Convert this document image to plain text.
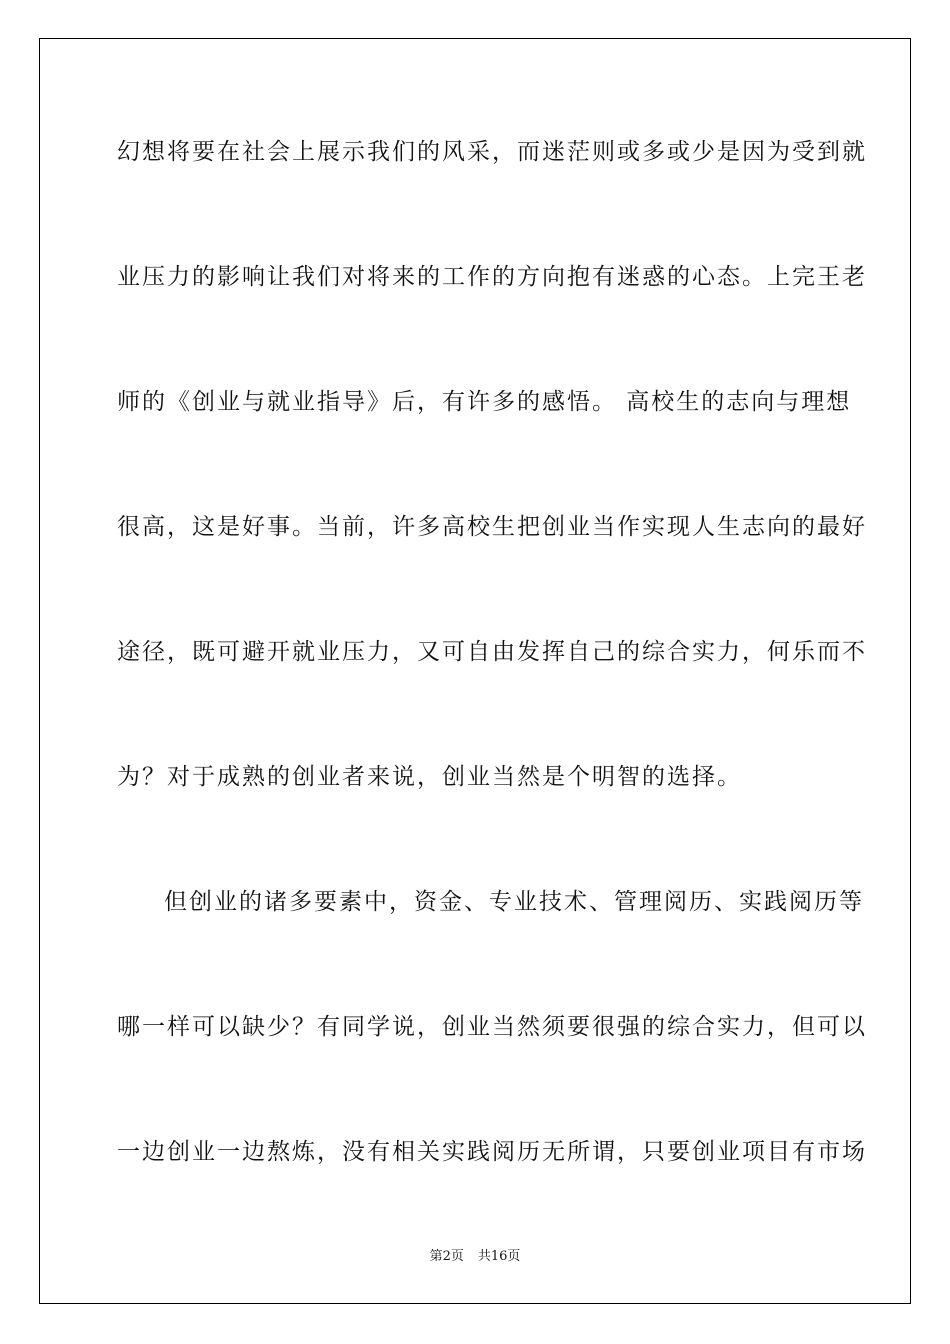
幻想将要在社会上展示我们的风采，而迷茫则或多或少是因为受到就
业压力的影响让我们对将来的工作的方向抱有迷惑的心态。上完王老
师的《创业与就业指导》后，有许多的感悟。 高校生的志向与理想
很高，这是好事。当前，许多高校生把创业当作实现人生志向的最好
途径，既可避开就业压力，又可自由发挥自己的综合实力，何乐而不
为？对于成熟的创业者来说，创业当然是个明智的选择。
但创业的诸多要素中，资金、专业技术、管理阅历、实践阅历等
哪一样可以缺少？有同学说，创业当然须要很强的综合实力，但可以
一边创业一边熬炼，没有相关实践阅历无所谓，只要创业项目有市场
第2页 共16页
